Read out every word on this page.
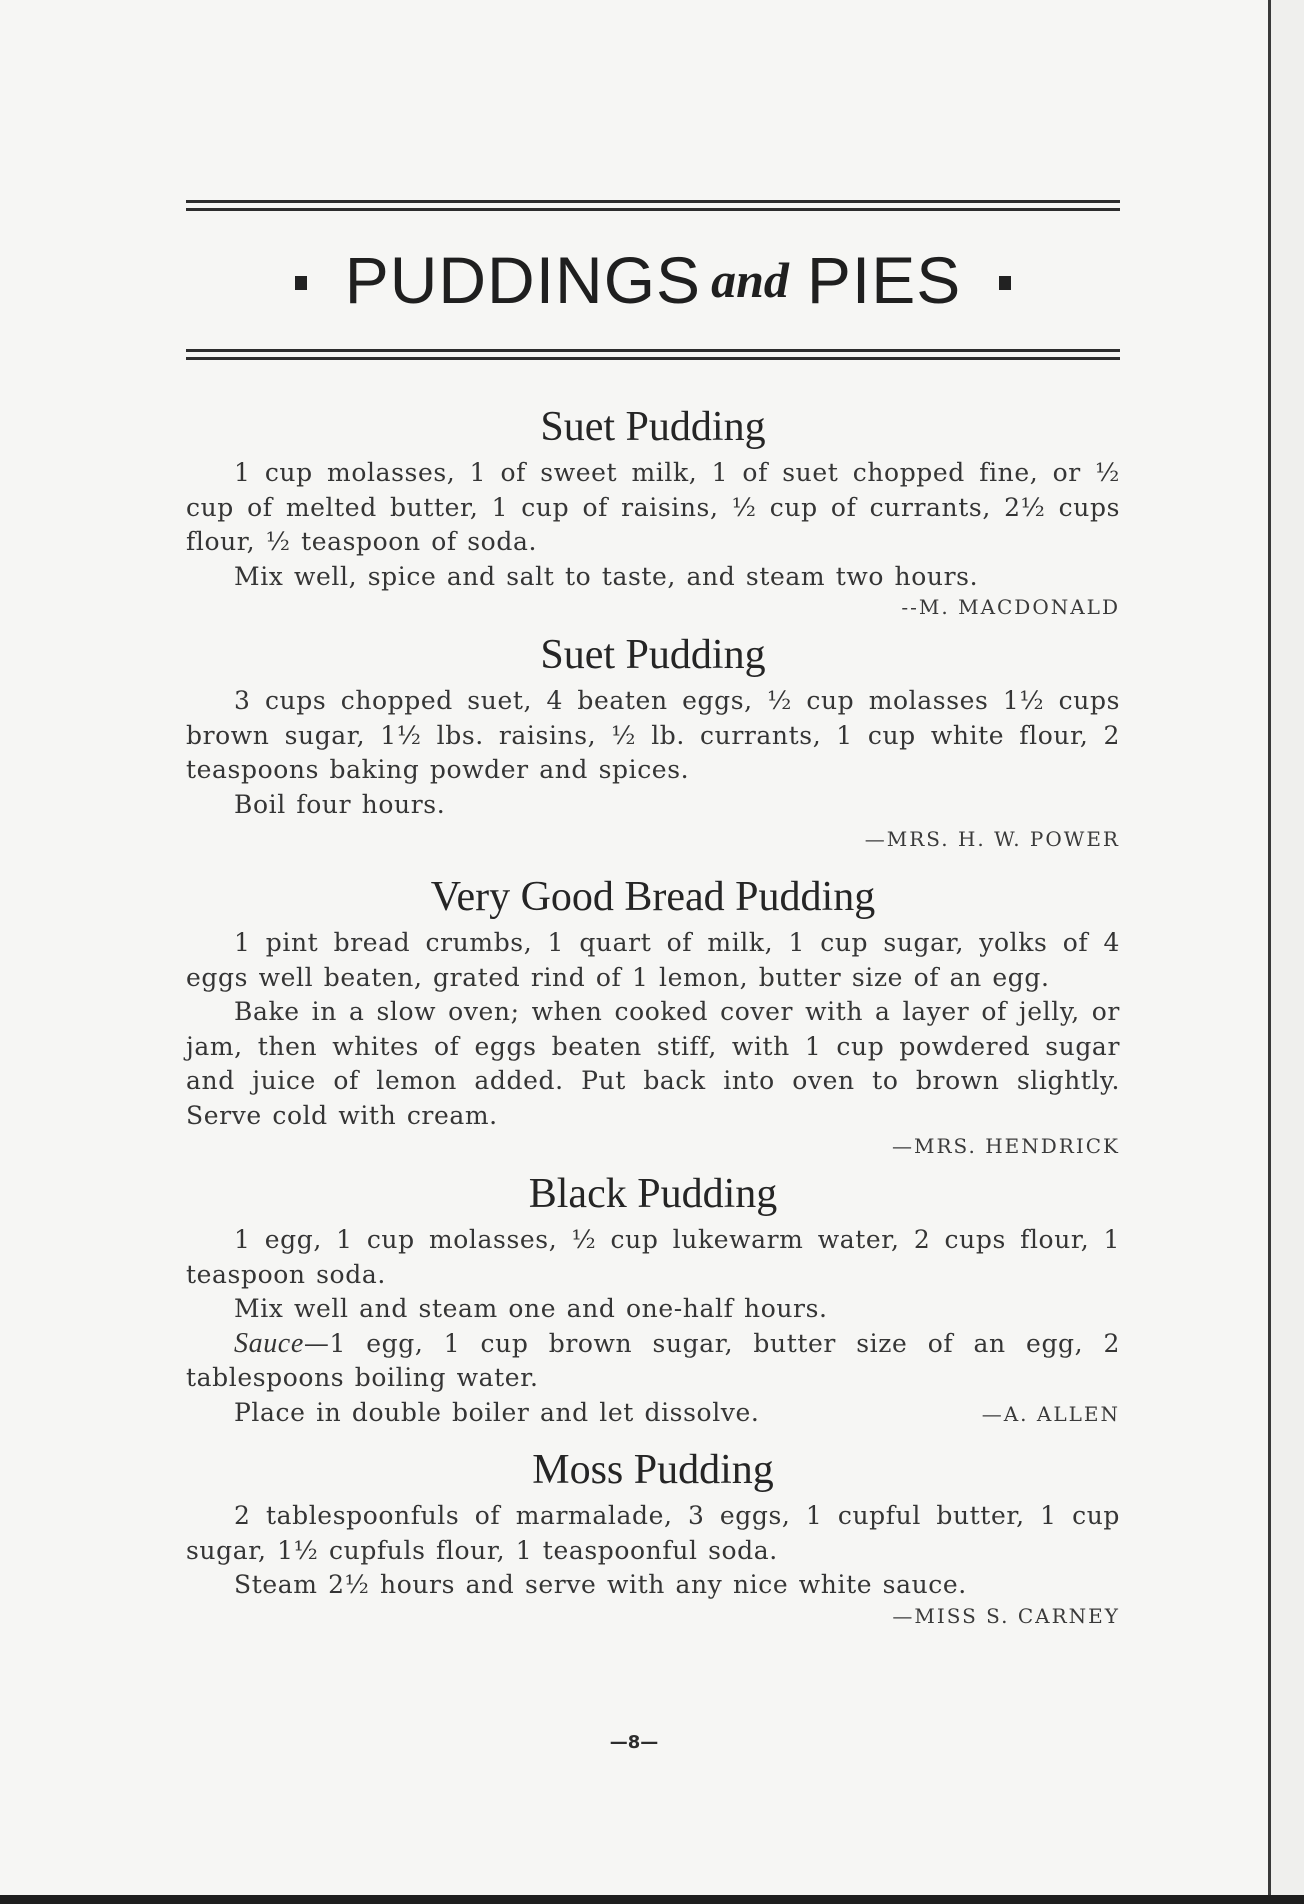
PUDDINGS and PIES
Suet Pudding
1 cup molasses, 1 of sweet milk, 1 of suet chopped fine, or ½ cup of melted butter, 1 cup of raisins, ½ cup of currants, 2½ cups flour, ½ teaspoon of soda.
Mix well, spice and salt to taste, and steam two hours.
--M. MACDONALD
Suet Pudding
3 cups chopped suet, 4 beaten eggs, ½ cup molasses 1½ cups brown sugar, 1½ lbs. raisins, ½ lb. currants, 1 cup white flour, 2 teaspoons baking powder and spices.
Boil four hours.
—MRS. H. W. POWER
Very Good Bread Pudding
1 pint bread crumbs, 1 quart of milk, 1 cup sugar, yolks of 4 eggs well beaten, grated rind of 1 lemon, butter size of an egg.
Bake in a slow oven; when cooked cover with a layer of jelly, or jam, then whites of eggs beaten stiff, with 1 cup powdered sugar and juice of lemon added. Put back into oven to brown slightly. Serve cold with cream.
—MRS. HENDRICK
Black Pudding
1 egg, 1 cup molasses, ½ cup lukewarm water, 2 cups flour, 1 teaspoon soda.
Mix well and steam one and one-half hours.
Sauce—1 egg, 1 cup brown sugar, butter size of an egg, 2 tablespoons boiling water.
Place in double boiler and let dissolve.	—A. ALLEN
Moss Pudding
2 tablespoonfuls of marmalade, 3 eggs, 1 cupful butter, 1 cup sugar, 1½ cupfuls flour, 1 teaspoonful soda.
Steam 2½ hours and serve with any nice white sauce.
—MISS S. CARNEY
—8—
